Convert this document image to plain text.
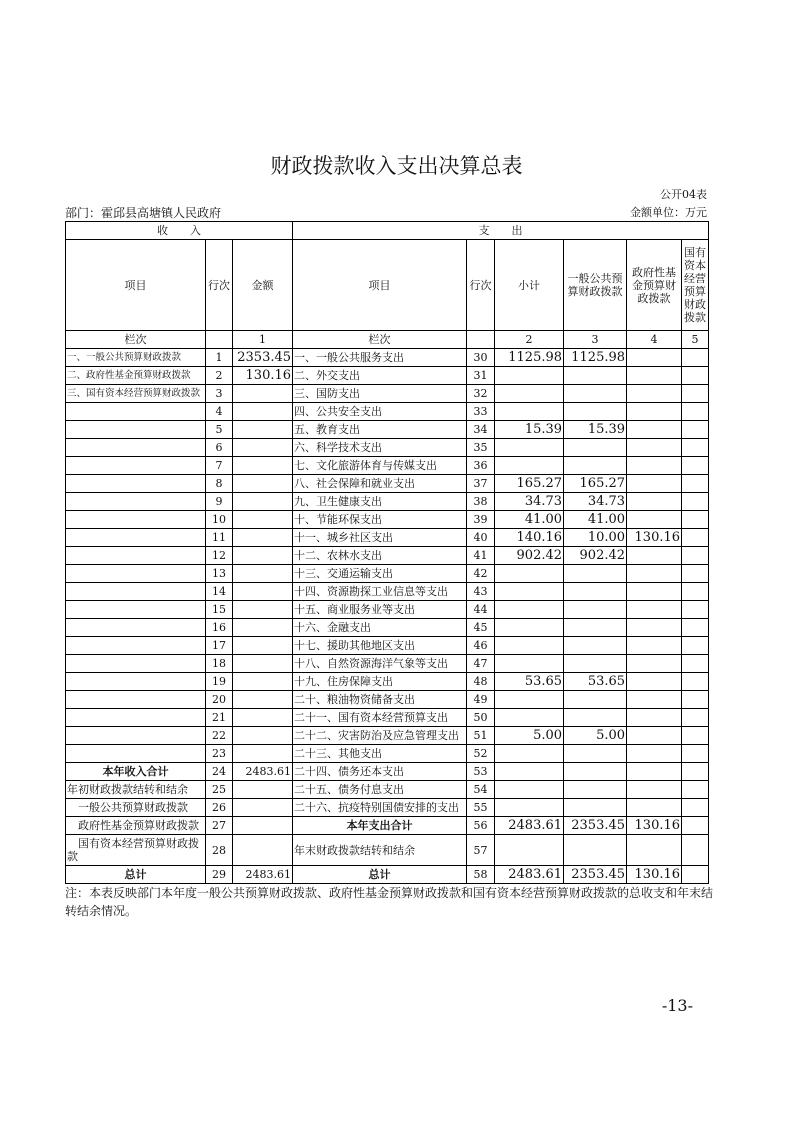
财政拨款收入支出决算总表
公开04表
部门：霍邱县高塘镇人民政府	金额单位：万元
收　　入			支　　出					
项目	行次	金额	项目	行次	小计	一般公共预算财政拨款	政府性基金预算财政拨款	国有资本经营预算财政拨款
栏次		1	栏次		2	3	4	5
一、一般公共预算财政拨款	1	2353.45	一、一般公共服务支出	30	1125.98	1125.98		
二、政府性基金预算财政拨款	2	130.16	二、外交支出	31				
三、国有资本经营预算财政拨款	3		三、国防支出	32				
	4		四、公共安全支出	33				
	5		五、教育支出	34	15.39	15.39		
	6		六、科学技术支出	35				
	7		七、文化旅游体育与传媒支出	36				
	8		八、社会保障和就业支出	37	165.27	165.27		
	9		九、卫生健康支出	38	34.73	34.73		
	10		十、节能环保支出	39	41.00	41.00		
	11		十一、城乡社区支出	40	140.16	10.00	130.16	
	12		十二、农林水支出	41	902.42	902.42		
	13		十三、交通运输支出	42				
	14		十四、资源勘探工业信息等支出	43				
	15		十五、商业服务业等支出	44				
	16		十六、金融支出	45				
	17		十七、援助其他地区支出	46				
	18		十八、自然资源海洋气象等支出	47				
	19		十九、住房保障支出	48	53.65	53.65		
	20		二十、粮油物资储备支出	49				
	21		二十一、国有资本经营预算支出	50				
	22		二十二、灾害防治及应急管理支出	51	5.00	5.00		
	23		二十三、其他支出	52				
本年收入合计	24	2483.61	二十四、债务还本支出	53				
年初财政拨款结转和结余	25		二十五、债务付息支出	54				
　一般公共预算财政拨款	26		二十六、抗疫特别国债安排的支出	55				
　政府性基金预算财政拨款	27		本年支出合计	56	2483.61	2353.45	130.16	
　国有资本经营预算财政拨款	28		年末财政拨款结转和结余	57				
总计	29	2483.61	总计	58	2483.61	2353.45	130.16	
注：本表反映部门本年度一般公共预算财政拨款、政府性基金预算财政拨款和国有资本经营预算财政拨款的总收支和年末结转结余情况。
-13-
